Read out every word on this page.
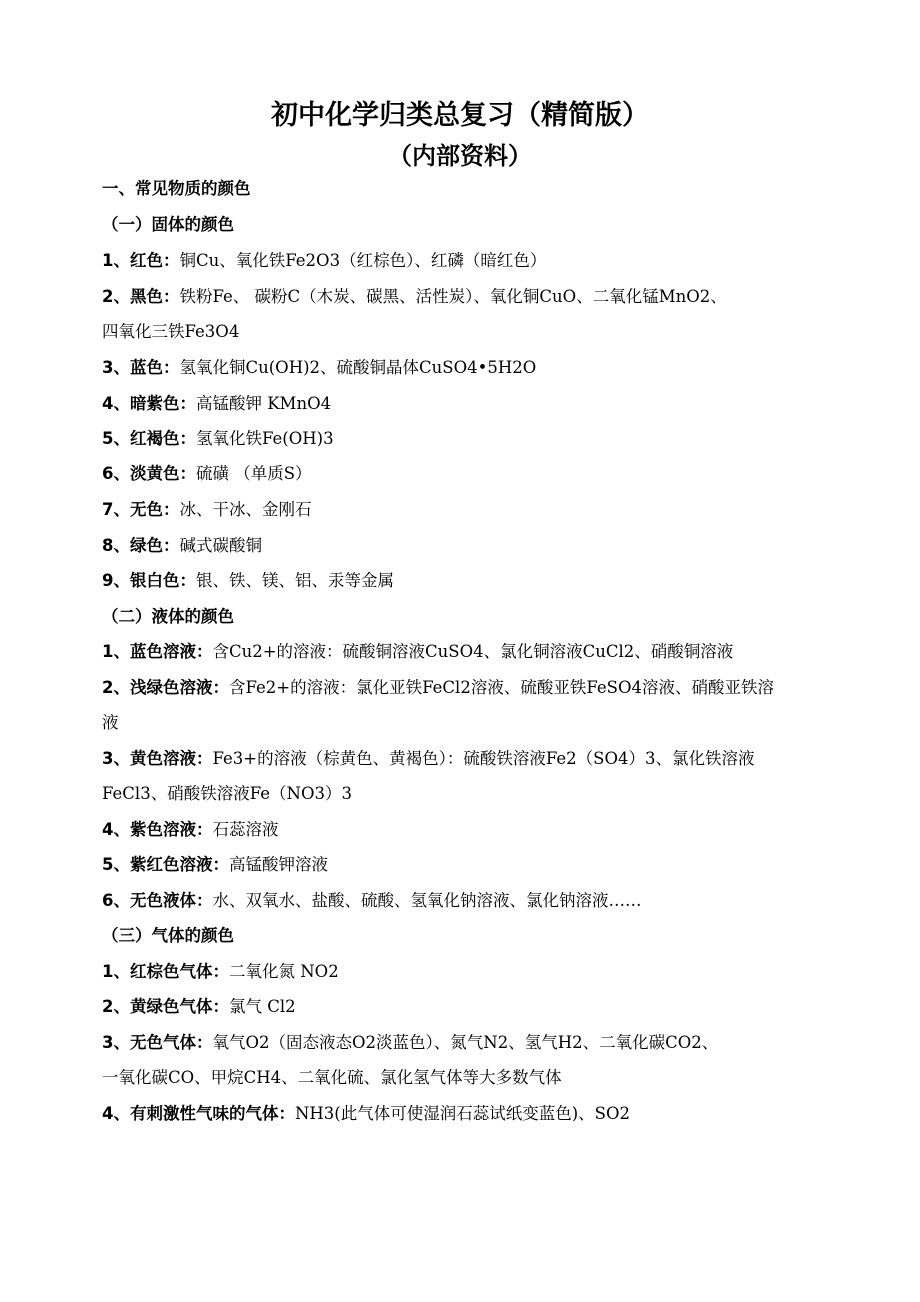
初中化学归类总复习（精简版）
（内部资料）
一、常见物质的颜色
（一）固体的颜色
1、红色：铜Cu、氧化铁Fe2O3（红棕色）、红磷（暗红色）
2、黑色：铁粉Fe、 碳粉C（木炭、碳黑、活性炭）、氧化铜CuO、二氧化锰MnO2、
四氧化三铁Fe3O4
3、蓝色：氢氧化铜Cu(OH)2、硫酸铜晶体CuSO4•5H2O
4、暗紫色：高锰酸钾 KMnO4
5、红褐色：氢氧化铁Fe(OH)3
6、淡黄色：硫磺 （单质S）
7、无色：冰、干冰、金刚石
8、绿色：碱式碳酸铜
9、银白色：银、铁、镁、铝、汞等金属
（二）液体的颜色
1、蓝色溶液：含Cu2+的溶液：硫酸铜溶液CuSO4、氯化铜溶液CuCl2、硝酸铜溶液
2、浅绿色溶液：含Fe2+的溶液：氯化亚铁FeCl2溶液、硫酸亚铁FeSO4溶液、硝酸亚铁溶
液
3、黄色溶液：Fe3+的溶液（棕黄色、黄褐色）：硫酸铁溶液Fe2（SO4）3、氯化铁溶液
FeCl3、硝酸铁溶液Fe（NO3）3
4、紫色溶液：石蕊溶液
5、紫红色溶液：高锰酸钾溶液
6、无色液体：水、双氧水、盐酸、硫酸、氢氧化钠溶液、氯化钠溶液……
（三）气体的颜色
1、红棕色气体：二氧化氮 NO2
2、黄绿色气体：氯气 Cl2
3、无色气体：氧气O2（固态液态O2淡蓝色）、氮气N2、氢气H2、二氧化碳CO2、
一氧化碳CO、甲烷CH4、二氧化硫、氯化氢气体等大多数气体
4、有刺激性气味的气体：NH3(此气体可使湿润石蕊试纸变蓝色)、SO2
